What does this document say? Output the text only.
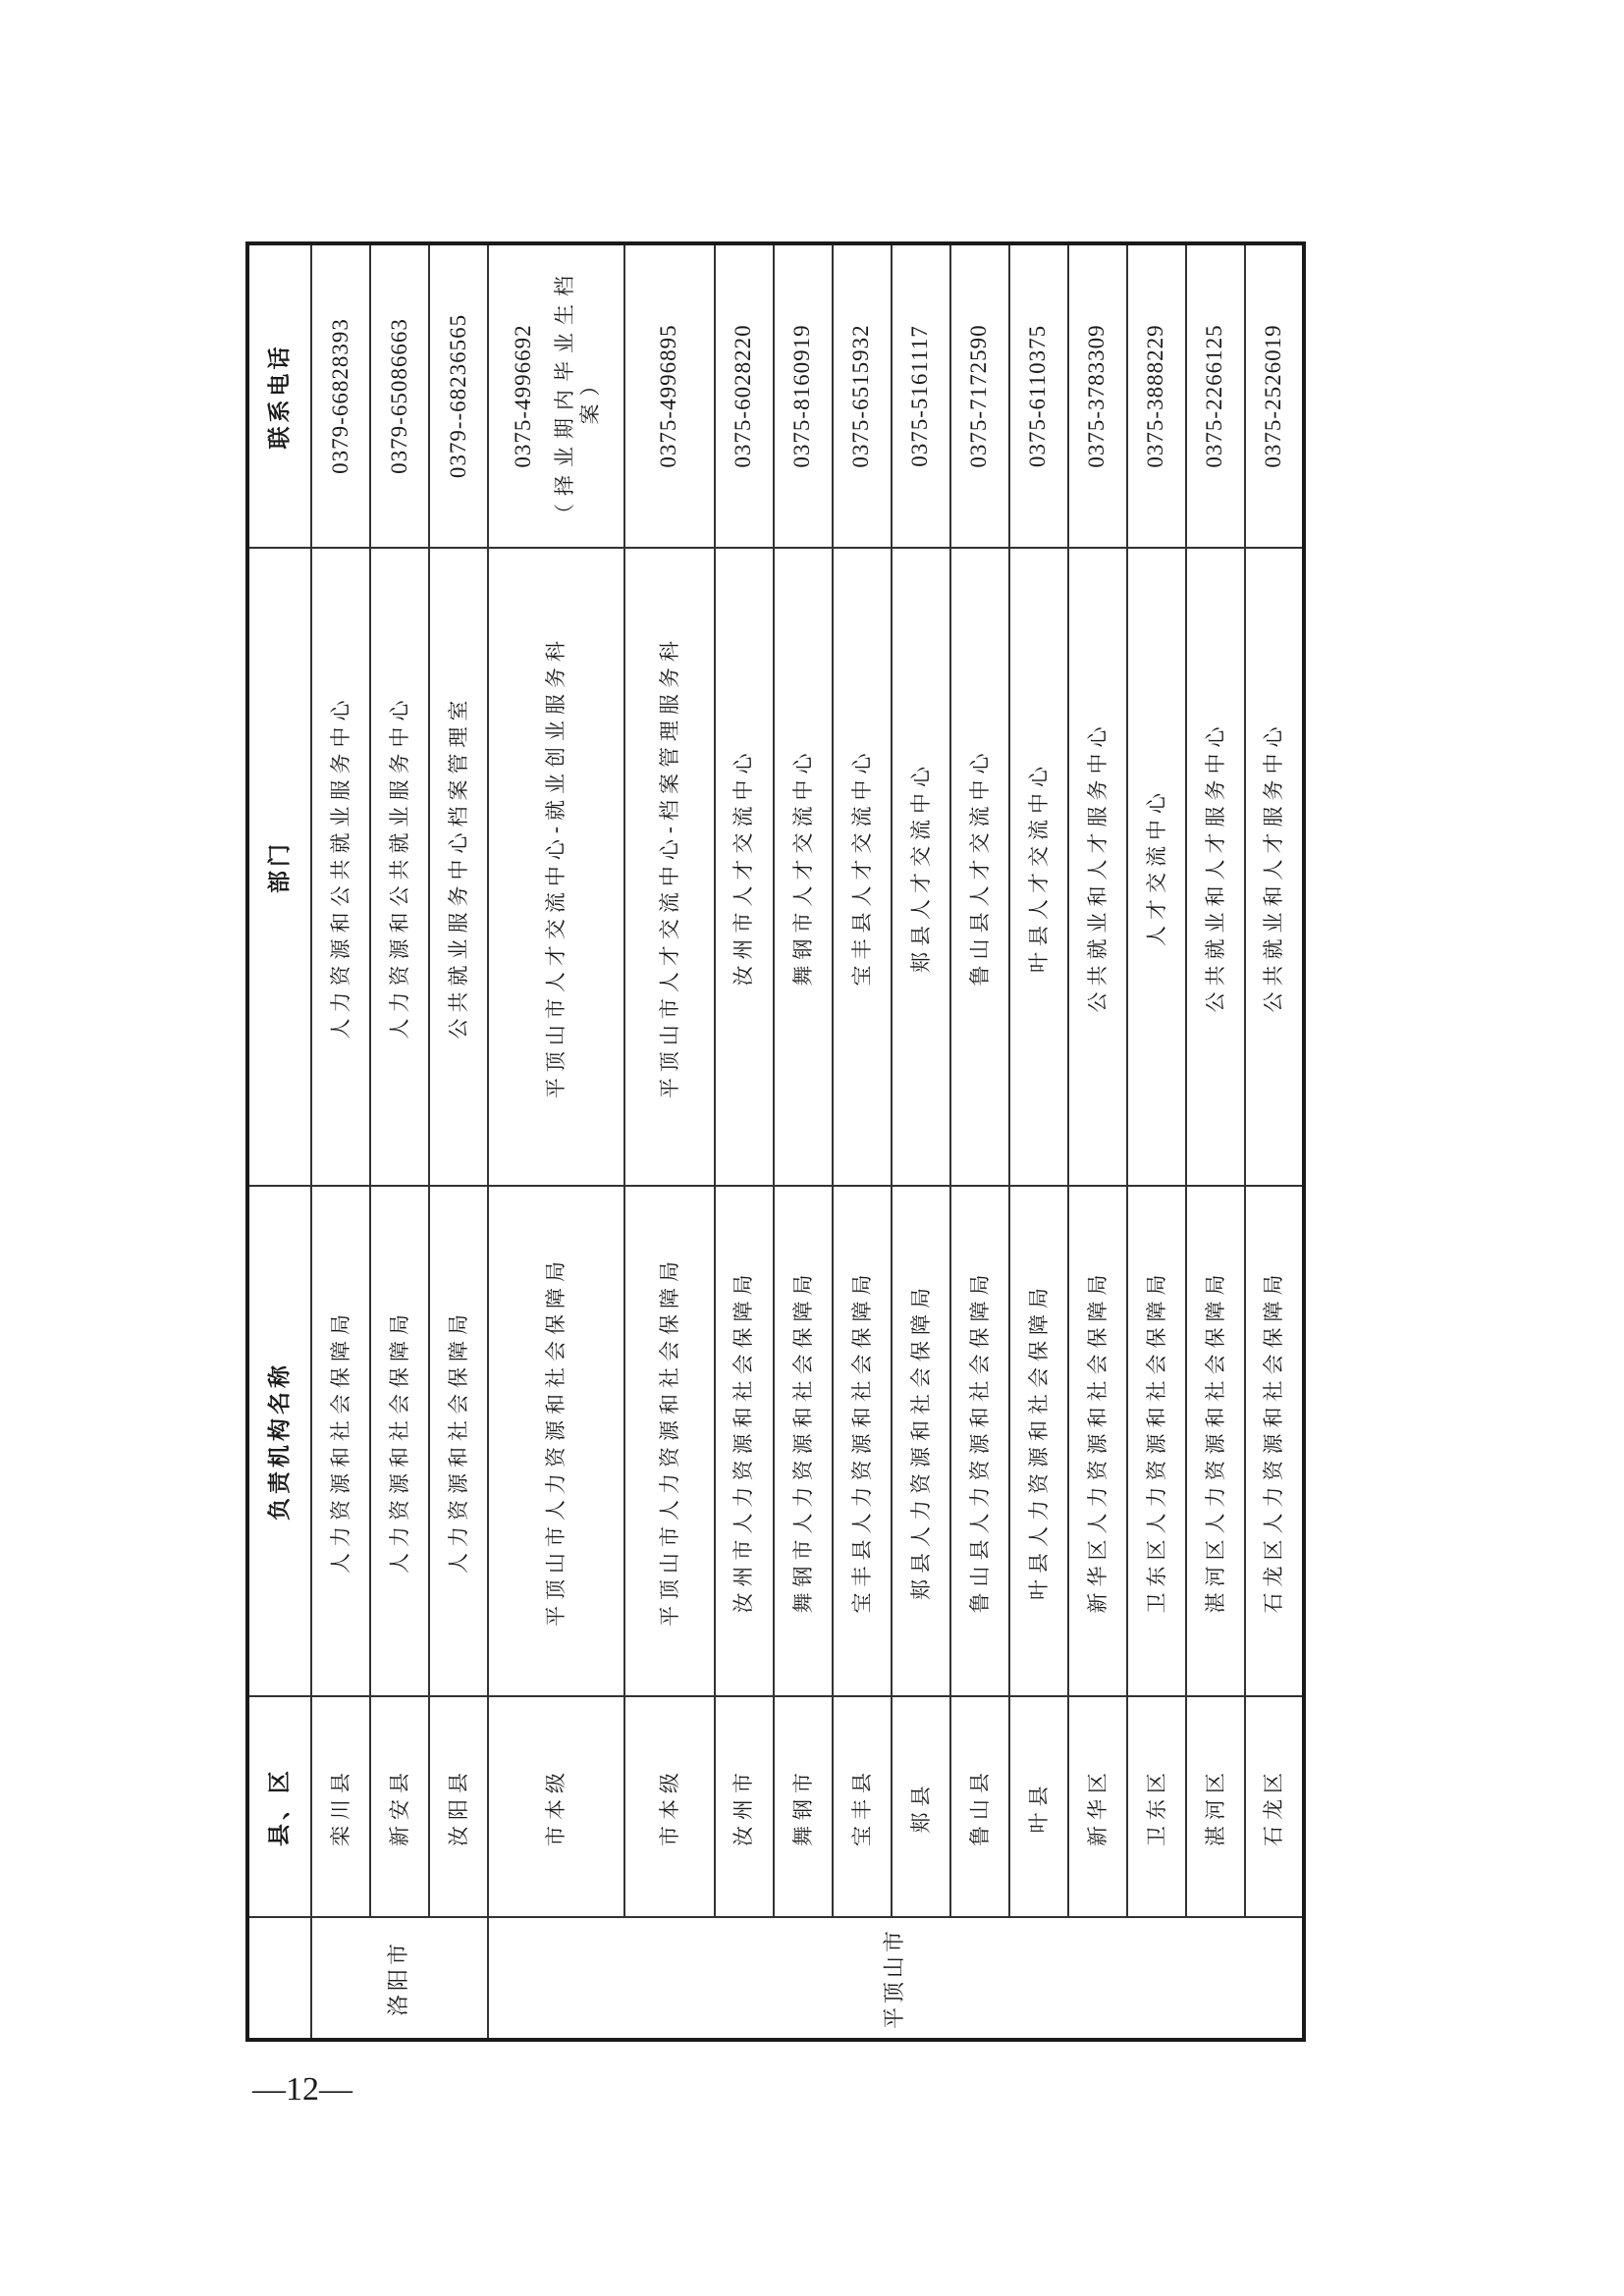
	县、区	负责机构名称	部门	联系电话
洛阳市	栾川县	人力资源和社会保障局	人力资源和公共就业服务中心	0379-66828393
	新安县	人力资源和社会保障局	人力资源和公共就业服务中心	0379-65086663
	汝阳县	人力资源和社会保障局	公共就业服务中心档案管理室	0379--68236565
平顶山市	市本级	平顶山市人力资源和社会保障局	平顶山市人才交流中心-就业创业服务科	0375-4996692 （择业期内毕业生档案）

	市本级	平顶山市人力资源和社会保障局	平顶山市人才交流中心-档案管理服务科	0375-4996895
	汝州市	汝州市人力资源和社会保障局	汝州市人才交流中心	0375-6028220
	舞钢市	舞钢市人力资源和社会保障局	舞钢市人才交流中心	0375-8160919
	宝丰县	宝丰县人力资源和社会保障局	宝丰县人才交流中心	0375-6515932
	郏县	郏县人力资源和社会保障局	郏县人才交流中心	0375-5161117
	鲁山县	鲁山县人力资源和社会保障局	鲁山县人才交流中心	0375-7172590
	叶县	叶县人力资源和社会保障局	叶县人才交流中心	0375-6110375
	新华区	新华区人力资源和社会保障局	公共就业和人才服务中心	0375-3783309
	卫东区	卫东区人力资源和社会保障局	人才交流中心	0375-3888229
	湛河区	湛河区人力资源和社会保障局	公共就业和人才服务中心	0375-2266125
	石龙区	石龙区人力资源和社会保障局	公共就业和人才服务中心	0375-2526019
—12—
